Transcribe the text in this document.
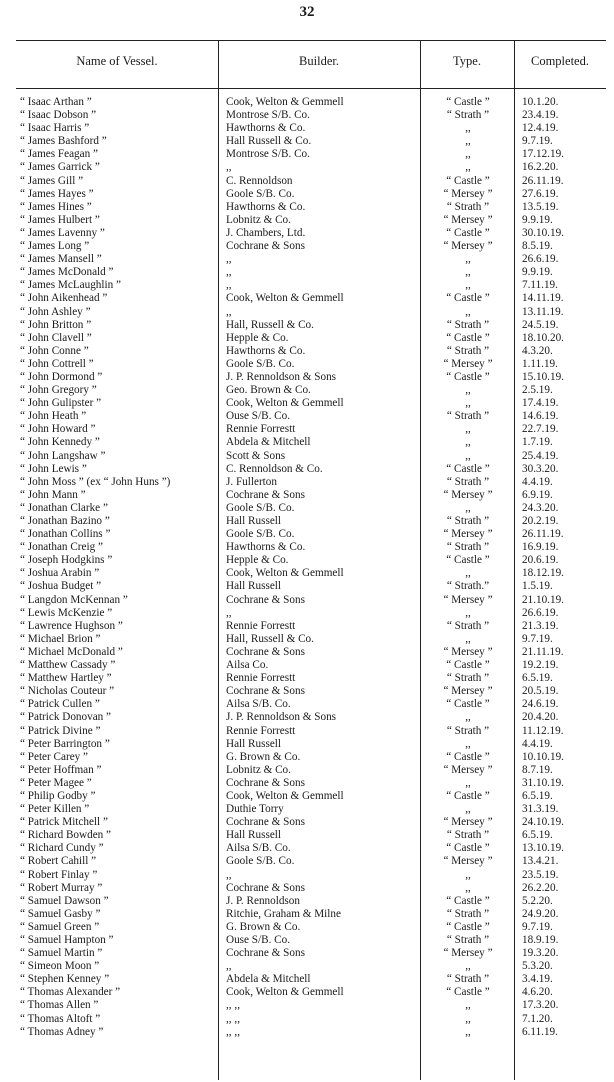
32
Name of Vessel.	Builder.	Type.	Completed.
“ Isaac Arthan ”	Cook, Welton & Gemmell	“ Castle ”	10.1.20.
“ Isaac Dobson ”	Montrose S/B. Co.	“ Strath ”	23.4.19.
“ Isaac Harris ”	Hawthorns & Co.	,,	12.4.19.
“ James Bashford ”	Hall Russell & Co.	,,	9.7.19.
“ James Feagan ”	Montrose S/B. Co.	,,	17.12.19.
“ James Garrick ”	,,	,,	16.2.20.
“ James Gill ”	C. Rennoldson	“ Castle ”	26.11.19.
“ James Hayes ”	Goole S/B. Co.	“ Mersey ”	27.6.19.
“ James Hines ”	Hawthorns & Co.	“ Strath ”	13.5.19.
“ James Hulbert ”	Lobnitz & Co.	“ Mersey ”	9.9.19.
“ James Lavenny ”	J. Chambers, Ltd.	“ Castle ”	30.10.19.
“ James Long ”	Cochrane & Sons	“ Mersey ”	8.5.19.
“ James Mansell ”	,,	,,	26.6.19.
“ James McDonald ”	,,	,,	9.9.19.
“ James McLaughlin ”	,,	,,	7.11.19.
“ John Aikenhead ”	Cook, Welton & Gemmell	“ Castle ”	14.11.19.
“ John Ashley ”	,,	,,	13.11.19.
“ John Britton ”	Hall, Russell & Co.	“ Strath ”	24.5.19.
“ John Clavell ”	Hepple & Co.	“ Castle ”	18.10.20.
“ John Conne ”	Hawthorns & Co.	“ Strath ”	4.3.20.
“ John Cottrell ”	Goole S/B. Co.	“ Mersey ”	1.11.19.
“ John Dormond ”	J. P. Rennoldson & Sons	“ Castle ”	15.10.19.
“ John Gregory ”	Geo. Brown & Co.	,,	2.5.19.
“ John Gulipster ”	Cook, Welton & Gemmell	,,	17.4.19.
“ John Heath ”	Ouse S/B. Co.	“ Strath ”	14.6.19.
“ John Howard ”	Rennie Forrestt	,,	22.7.19.
“ John Kennedy ”	Abdela & Mitchell	,,	1.7.19.
“ John Langshaw ”	Scott & Sons	,,	25.4.19.
“ John Lewis ”	C. Rennoldson & Co.	“ Castle ”	30.3.20.
“ John Moss ” (ex “ John Huns ”)	J. Fullerton	“ Strath ”	4.4.19.
“ John Mann ”	Cochrane & Sons	“ Mersey ”	6.9.19.
“ Jonathan Clarke ”	Goole S/B. Co.	,,	24.3.20.
“ Jonathan Bazino ”	Hall Russell	“ Strath ”	20.2.19.
“ Jonathan Collins ”	Goole S/B. Co.	“ Mersey ”	26.11.19.
“ Jonathan Creig ”	Hawthorns & Co.	“ Strath ”	16.9.19.
“ Joseph Hodgkins ”	Hepple & Co.	“ Castle ”	20.6.19.
“ Joshua Arabin ”	Cook, Welton & Gemmell	,,	18.12.19.
“ Joshua Budget ”	Hall Russell	“ Strath.”	1.5.19.
“ Langdon McKennan ”	Cochrane & Sons	“ Mersey ”	21.10.19.
“ Lewis McKenzie ”	,,	,,	26.6.19.
“ Lawrence Hughson ”	Rennie Forrestt	“ Strath ”	21.3.19.
“ Michael Brion ”	Hall, Russell & Co.	,,	9.7.19.
“ Michael McDonald ”	Cochrane & Sons	“ Mersey ”	21.11.19.
“ Matthew Cassady ”	Ailsa Co.	“ Castle ”	19.2.19.
“ Matthew Hartley ”	Rennie Forrestt	“ Strath ”	6.5.19.
“ Nicholas Couteur ”	Cochrane & Sons	“ Mersey ”	20.5.19.
“ Patrick Cullen ”	Ailsa S/B. Co.	“ Castle ”	24.6.19.
“ Patrick Donovan ”	J. P. Rennoldson & Sons	,,	20.4.20.
“ Patrick Divine ”	Rennie Forrestt	“ Strath ”	11.12.19.
“ Peter Barrington ”	Hall Russell	,,	4.4.19.
“ Peter Carey ”	G. Brown & Co.	“ Castle ”	10.10.19.
“ Peter Hoffman ”	Lobnitz & Co.	“ Mersey ”	8.7.19.
“ Peter Magee ”	Cochrane & Sons	,,	31.10.19.
“ Philip Godby ”	Cook, Welton & Gemmell	“ Castle ”	6.5.19.
“ Peter Killen ”	Duthie Torry	,,	31.3.19.
“ Patrick Mitchell ”	Cochrane & Sons	“ Mersey ”	24.10.19.
“ Richard Bowden ”	Hall Russell	“ Strath ”	6.5.19.
“ Richard Cundy ”	Ailsa S/B. Co.	“ Castle ”	13.10.19.
“ Robert Cahill ”	Goole S/B. Co.	“ Mersey ”	13.4.21.
“ Robert Finlay ”	,,	,,	23.5.19.
“ Robert Murray ”	Cochrane & Sons	,,	26.2.20.
“ Samuel Dawson ”	J. P. Rennoldson	“ Castle ”	5.2.20.
“ Samuel Gasby ”	Ritchie, Graham & Milne	“ Strath ”	24.9.20.
“ Samuel Green ”	G. Brown & Co.	“ Castle ”	9.7.19.
“ Samuel Hampton ”	Ouse S/B. Co.	“ Strath ”	18.9.19.
“ Samuel Martin ”	Cochrane & Sons	“ Mersey ”	19.3.20.
“ Simeon Moon ”	,,	,,	5.3.20.
“ Stephen Kenney ”	Abdela & Mitchell	“ Strath ”	3.4.19.
“ Thomas Alexander ”	Cook, Welton & Gemmell	“ Castle ”	4.6.20.
“ Thomas Allen ”	,, ,,	,,	17.3.20.
“ Thomas Altoft ”	,, ,,	,,	7.1.20.
“ Thomas Adney ”	,, ,,	,,	6.11.19.
